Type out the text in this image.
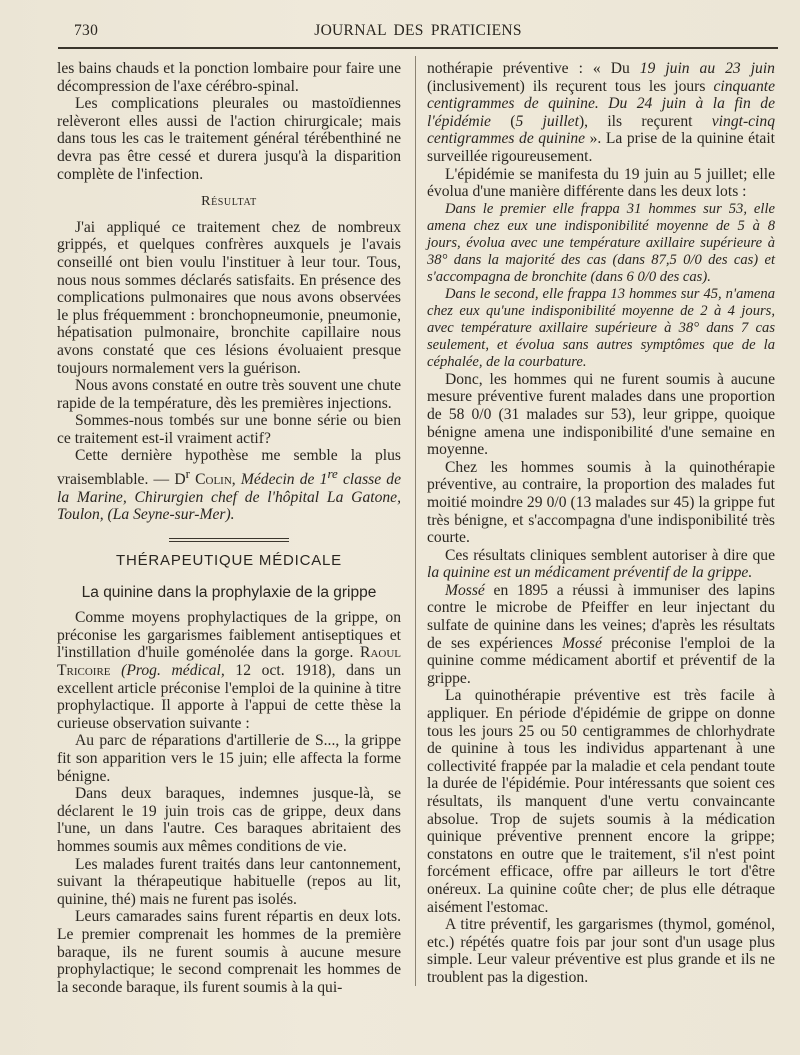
730	JOURNAL DES PRATICIENS

les bains chauds et la ponction lombaire pour faire une décompression de l'axe cérébro-spinal.

Les complications pleurales ou mastoïdiennes relèveront elles aussi de l'action chirurgicale; mais dans tous les cas le traitement général térébenthiné ne devra pas être cessé et durera jusqu'à la disparition complète de l'infection.

Résultat

J'ai appliqué ce traitement chez de nombreux grippés, et quelques confrères auxquels je l'avais conseillé ont bien voulu l'instituer à leur tour. Tous, nous nous sommes déclarés satisfaits. En présence des complications pulmonaires que nous avons observées le plus fréquemment : bronchopneumonie, pneumonie, hépatisation pulmonaire, bronchite capillaire nous avons constaté que ces lésions évoluaient presque toujours normalement vers la guérison.

Nous avons constaté en outre très souvent une chute rapide de la température, dès les premières injections.

Sommes-nous tombés sur une bonne série ou bien ce traitement est-il vraiment actif?

Cette dernière hypothèse me semble la plus vraisemblable. — $D^r$ Colin, Médecin de 1re classe de la Marine, Chirurgien chef de l'hôpital La Gatone, Toulon, (La Seyne-sur-Mer).

THÉRAPEUTIQUE MÉDICALE
La quinine dans la prophylaxie de la grippe

Comme moyens prophylactiques de la grippe, on préconise les gargarismes faiblement antiseptiques et l'instillation d'huile goménolée dans la gorge. Raoul Tricoire (Prog. médical, 12 oct. 1918), dans un excellent article préconise l'emploi de la quinine à titre prophylactique. Il apporte à l'appui de cette thèse la curieuse observation suivante :

Au parc de réparations d'artillerie de S..., la grippe fit son apparition vers le 15 juin; elle affecta la forme bénigne.

Dans deux baraques, indemnes jusque-là, se déclarent le 19 juin trois cas de grippe, deux dans l'une, un dans l'autre. Ces baraques abritaient des hommes soumis aux mêmes conditions de vie.

Les malades furent traités dans leur cantonnement, suivant la thérapeutique habituelle (repos au lit, quinine, thé) mais ne furent pas isolés.

Leurs camarades sains furent répartis en deux lots. Le premier comprenait les hommes de la première baraque, ils ne furent soumis à aucune mesure prophylactique; le second comprenait les hommes de la seconde baraque, ils furent soumis à la qui-

nothérapie préventive : « Du 19 juin au 23 juin (inclusivement) ils reçurent tous les jours cinquante centigrammes de quinine. Du 24 juin à la fin de l'épidémie (5 juillet), ils reçurent vingt-cinq centigrammes de quinine ». La prise de la quinine était surveillée rigoureusement.

L'épidémie se manifesta du 19 juin au 5 juillet; elle évolua d'une manière différente dans les deux lots :

Dans le premier elle frappa 31 hommes sur 53, elle amena chez eux une indisponibilité moyenne de 5 à 8 jours, évolua avec une température axillaire supérieure à 38° dans la majorité des cas (dans 87,5 0/0 des cas) et s'accompagna de bronchite (dans 6 0/0 des cas).

Dans le second, elle frappa 13 hommes sur 45, n'amena chez eux qu'une indisponibilité moyenne de 2 à 4 jours, avec température axillaire supérieure à 38° dans 7 cas seulement, et évolua sans autres symptômes que de la céphalée, de la courbature.

Donc, les hommes qui ne furent soumis à aucune mesure préventive furent malades dans une proportion de 58 0/0 (31 malades sur 53), leur grippe, quoique bénigne amena une indisponibilité d'une semaine en moyenne.

Chez les hommes soumis à la quinothérapie préventive, au contraire, la proportion des malades fut moitié moindre 29 0/0 (13 malades sur 45) la grippe fut très bénigne, et s'accompagna d'une indisponibilité très courte.

Ces résultats cliniques semblent autoriser à dire que la quinine est un médicament préventif de la grippe.

Mossé en 1895 a réussi à immuniser des lapins contre le microbe de Pfeiffer en leur injectant du sulfate de quinine dans les veines; d'après les résultats de ses expériences Mossé préconise l'emploi de la quinine comme médicament abortif et préventif de la grippe.

La quinothérapie préventive est très facile à appliquer. En période d'épidémie de grippe on donne tous les jours 25 ou 50 centigrammes de chlorhydrate de quinine à tous les individus appartenant à une collectivité frappée par la maladie et cela pendant toute la durée de l'épidémie. Pour intéressants que soient ces résultats, ils manquent d'une vertu convaincante absolue. Trop de sujets soumis à la médication quinique préventive prennent encore la grippe; constatons en outre que le traitement, s'il n'est point forcément efficace, offre par ailleurs le tort d'être onéreux. La quinine coûte cher; de plus elle détraque aisément l'estomac.

A titre préventif, les gargarismes (thymol, goménol, etc.) répétés quatre fois par jour sont d'un usage plus simple. Leur valeur préventive est plus grande et ils ne troublent pas la digestion.
